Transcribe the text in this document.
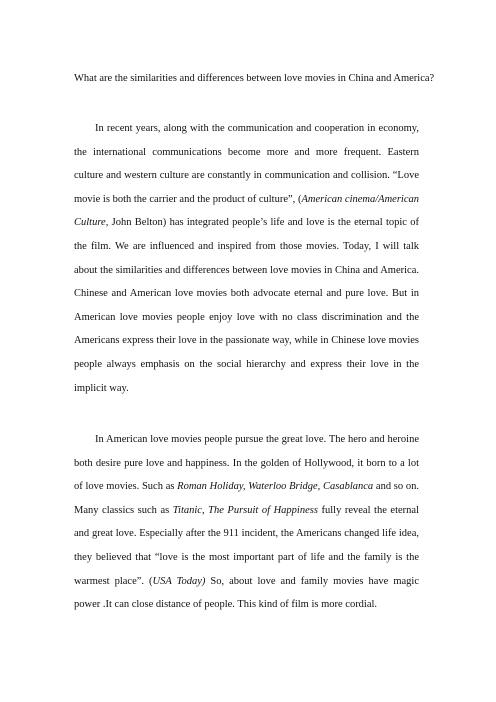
What are the similarities and differences between love movies in China and America?

In recent years, along with the communication and cooperation in economy, the international communications become more and more frequent. Eastern culture and western culture are constantly in communication and collision. “Love movie is both the carrier and the product of culture”, (American cinema/American Culture, John Belton) has integrated people’s life and love is the eternal topic of the film. We are influenced and inspired from those movies. Today, I will talk about the similarities and differences between love movies in China and America. Chinese and American love movies both advocate eternal and pure love. But in American love movies people enjoy love with no class discrimination and the Americans express their love in the passionate way, while in Chinese love movies people always emphasis on the social hierarchy and express their love in the implicit way.

In American love movies people pursue the great love. The hero and heroine both desire pure love and happiness. In the golden of Hollywood, it born to a lot of love movies. Such as Roman Holiday, Waterloo Bridge, Casablanca and so on. Many classics such as Titanic, The Pursuit of Happiness fully reveal the eternal and great love. Especially after the 911 incident, the Americans changed life idea, they believed that “love is the most important part of life and the family is the warmest place”. (USA Today) So, about love and family movies have magic power .It can close distance of people. This kind of film is more cordial.
